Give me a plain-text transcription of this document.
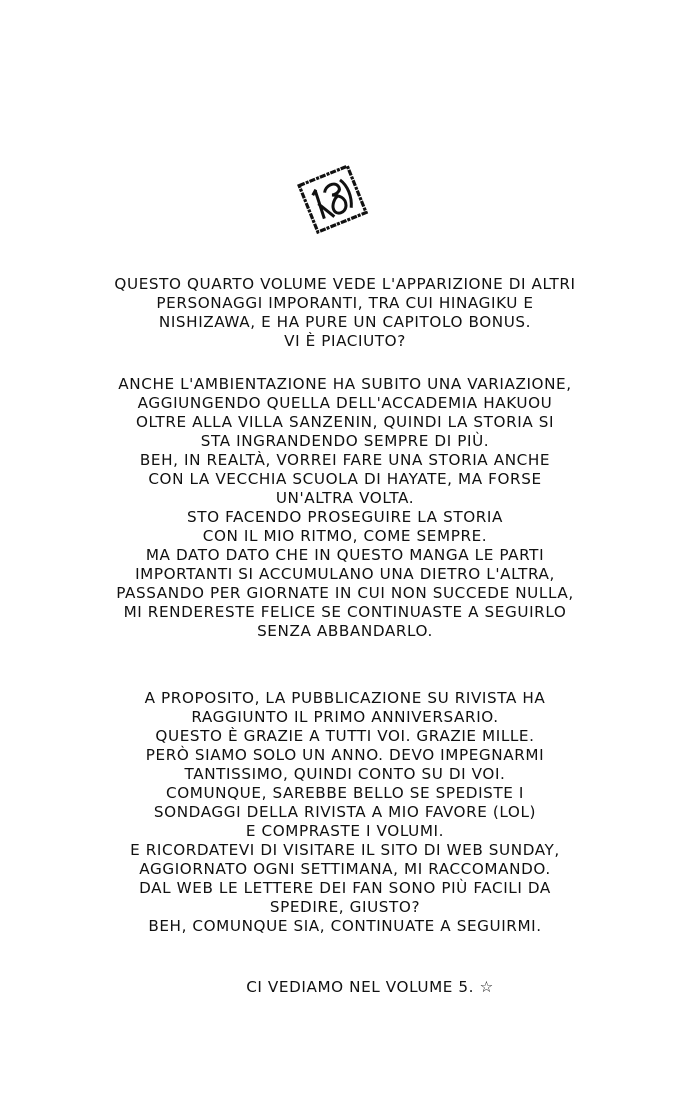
QUESTO QUARTO VOLUME VEDE L'APPARIZIONE DI ALTRI
PERSONAGGI IMPORANTI, TRA CUI HINAGIKU E
NISHIZAWA, E HA PURE UN CAPITOLO BONUS.
VI È PIACIUTO?
ANCHE L'AMBIENTAZIONE HA SUBITO UNA VARIAZIONE,
AGGIUNGENDO QUELLA DELL'ACCADEMIA HAKUOU
OLTRE ALLA VILLA SANZENIN, QUINDI LA STORIA SI
STA INGRANDENDO SEMPRE DI PIÙ.
BEH, IN REALTÀ, VORREI FARE UNA STORIA ANCHE
CON LA VECCHIA SCUOLA DI HAYATE, MA FORSE
UN'ALTRA VOLTA.
STO FACENDO PROSEGUIRE LA STORIA
CON IL MIO RITMO, COME SEMPRE.
MA DATO DATO CHE IN QUESTO MANGA LE PARTI
IMPORTANTI SI ACCUMULANO UNA DIETRO L'ALTRA,
PASSANDO PER GIORNATE IN CUI NON SUCCEDE NULLA,
MI RENDERESTE FELICE SE CONTINUASTE A SEGUIRLO
SENZA ABBANDARLO.
A PROPOSITO, LA PUBBLICAZIONE SU RIVISTA HA
RAGGIUNTO IL PRIMO ANNIVERSARIO.
QUESTO È GRAZIE A TUTTI VOI. GRAZIE MILLE.
PERÒ SIAMO SOLO UN ANNO. DEVO IMPEGNARMI
TANTISSIMO, QUINDI CONTO SU DI VOI.
COMUNQUE, SAREBBE BELLO SE SPEDISTE I
SONDAGGI DELLA RIVISTA A MIO FAVORE (LOL)
E COMPRASTE I VOLUMI.
E RICORDATEVI DI VISITARE IL SITO DI WEB SUNDAY,
AGGIORNATO OGNI SETTIMANA, MI RACCOMANDO.
DAL WEB LE LETTERE DEI FAN SONO PIÙ FACILI DA
SPEDIRE, GIUSTO?
BEH, COMUNQUE SIA, CONTINUATE A SEGUIRMI.
CI VEDIAMO NEL VOLUME 5. ☆
